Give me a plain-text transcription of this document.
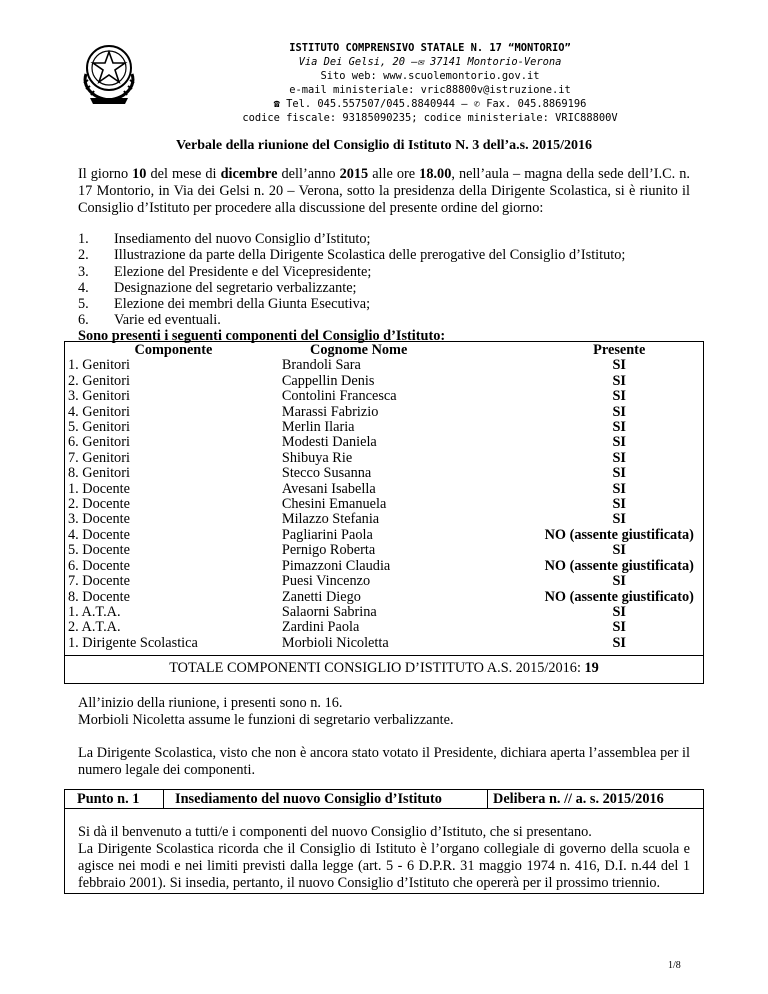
ISTITUTO COMPRENSIVO STATALE N. 17 “MONTORIO”
Via Dei Gelsi, 20 –✉ 37141 Montorio-Verona
Sito web: www.scuolemontorio.gov.it
e-mail ministeriale: vric88800v@istruzione.it
☎ Tel. 045.557507/045.8840944 – ✆ Fax. 045.8869196
codice fiscale: 93185090235; codice ministeriale: VRIC88800V
Verbale della riunione del Consiglio di Istituto N. 3 dell’a.s. 2015/2016
Il giorno 10 del mese di dicembre dell’anno 2015 alle ore 18.00, nell’aula – magna della sede dell’I.C. n. 17 Montorio, in Via dei Gelsi n. 20 – Verona, sotto la presidenza della Dirigente Scolastica, si è riunito il Consiglio d’Istituto per procedere alla discussione del presente ordine del giorno:
1. Insediamento del nuovo Consiglio d’Istituto;
2. Illustrazione da parte della Dirigente Scolastica delle prerogative del Consiglio d’Istituto;
3. Elezione del Presidente e del Vicepresidente;
4. Designazione del segretario verbalizzante;
5. Elezione dei membri della Giunta Esecutiva;
6. Varie ed eventuali.
Sono presenti i seguenti componenti del Consiglio d’Istituto:
Componente	Cognome Nome	Presente
1. Genitori	Brandoli Sara	SI
2. Genitori	Cappellin Denis	SI
3. Genitori	Contolini Francesca	SI
4. Genitori	Marassi Fabrizio	SI
5. Genitori	Merlin Ilaria	SI
6. Genitori	Modesti Daniela	SI
7. Genitori	Shibuya Rie	SI
8. Genitori	Stecco Susanna	SI
1. Docente	Avesani Isabella	SI
2. Docente	Chesini Emanuela	SI
3. Docente	Milazzo Stefania	SI
4. Docente	Pagliarini Paola	NO (assente giustificata)
5. Docente	Pernigo Roberta	SI
6. Docente	Pimazzoni Claudia	NO (assente giustificata)
7. Docente	Puesi Vincenzo	SI
8. Docente	Zanetti Diego	NO (assente giustificato)
1. A.T.A.	Salaorni Sabrina	SI
2. A.T.A.	Zardini Paola	SI
1. Dirigente Scolastica	Morbioli Nicoletta	SI
TOTALE COMPONENTI CONSIGLIO D’ISTITUTO A.S. 2015/2016: 19
All’inizio della riunione, i presenti sono n. 16.
Morbioli Nicoletta assume le funzioni di segretario verbalizzante.
La Dirigente Scolastica, visto che non è ancora stato votato il Presidente, dichiara aperta l’assemblea per il numero legale dei componenti.
Punto n. 1	Insediamento del nuovo Consiglio d’Istituto	Delibera n. // a. s. 2015/2016
Si dà il benvenuto a tutti/e i componenti del nuovo Consiglio d’Istituto, che si presentano.
La Dirigente Scolastica ricorda che il Consiglio di Istituto è l’organo collegiale di governo della scuola e agisce nei modi e nei limiti previsti dalla legge (art. 5 - 6 D.P.R. 31 maggio 1974 n. 416, D.I. n.44 del 1 febbraio 2001). Si insedia, pertanto, il nuovo Consiglio d’Istituto che opererà per il prossimo triennio.
1/8
